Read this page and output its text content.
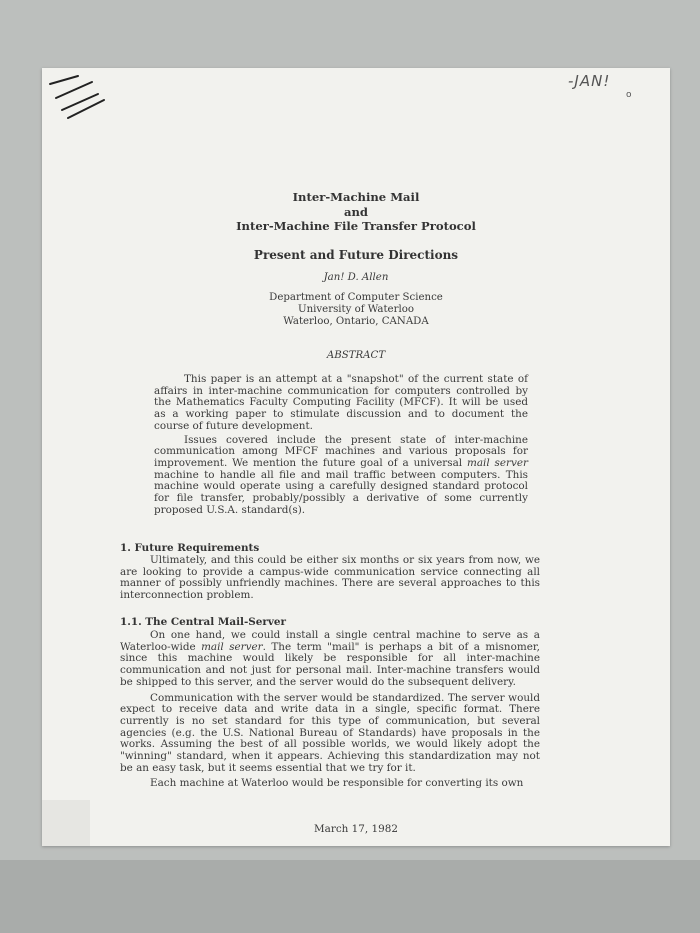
-JAN!
o
Inter-Machine Mail
and
Inter-Machine File Transfer Protocol
Present and Future Directions
Jan! D. Allen
Department of Computer Science
University of Waterloo
Waterloo, Ontario, CANADA
ABSTRACT

This paper is an attempt at a "snapshot" of the current state of affairs in inter-machine communication for computers controlled by the Mathematics Faculty Computing Facility (MFCF). It will be used as a working paper to stimulate discussion and to document the course of future development.

Issues covered include the present state of inter-machine communication among MFCF machines and various proposals for improvement. We mention the future goal of a universal mail server machine to handle all file and mail traffic between computers. This machine would operate using a carefully designed standard protocol for file transfer, probably/possibly a derivative of some currently proposed U.S.A. standard(s).

1. Future Requirements

Ultimately, and this could be either six months or six years from now, we are looking to provide a campus-wide communication service connecting all manner of possibly unfriendly machines. There are several approaches to this interconnection problem.

1.1. The Central Mail-Server

On one hand, we could install a single central machine to serve as a Waterloo-wide mail server. The term "mail" is perhaps a bit of a misnomer, since this machine would likely be responsible for all inter-machine communication and not just for personal mail. Inter-machine transfers would be shipped to this server, and the server would do the subsequent delivery.

Communication with the server would be standardized. The server would expect to receive data and write data in a single, specific format. There currently is no set standard for this type of communication, but several agencies (e.g. the U.S. National Bureau of Standards) have proposals in the works. Assuming the best of all possible worlds, we would likely adopt the "winning" standard, when it appears. Achieving this standardization may not be an easy task, but it seems essential that we try for it.

Each machine at Waterloo would be responsible for converting its own

March 17, 1982
